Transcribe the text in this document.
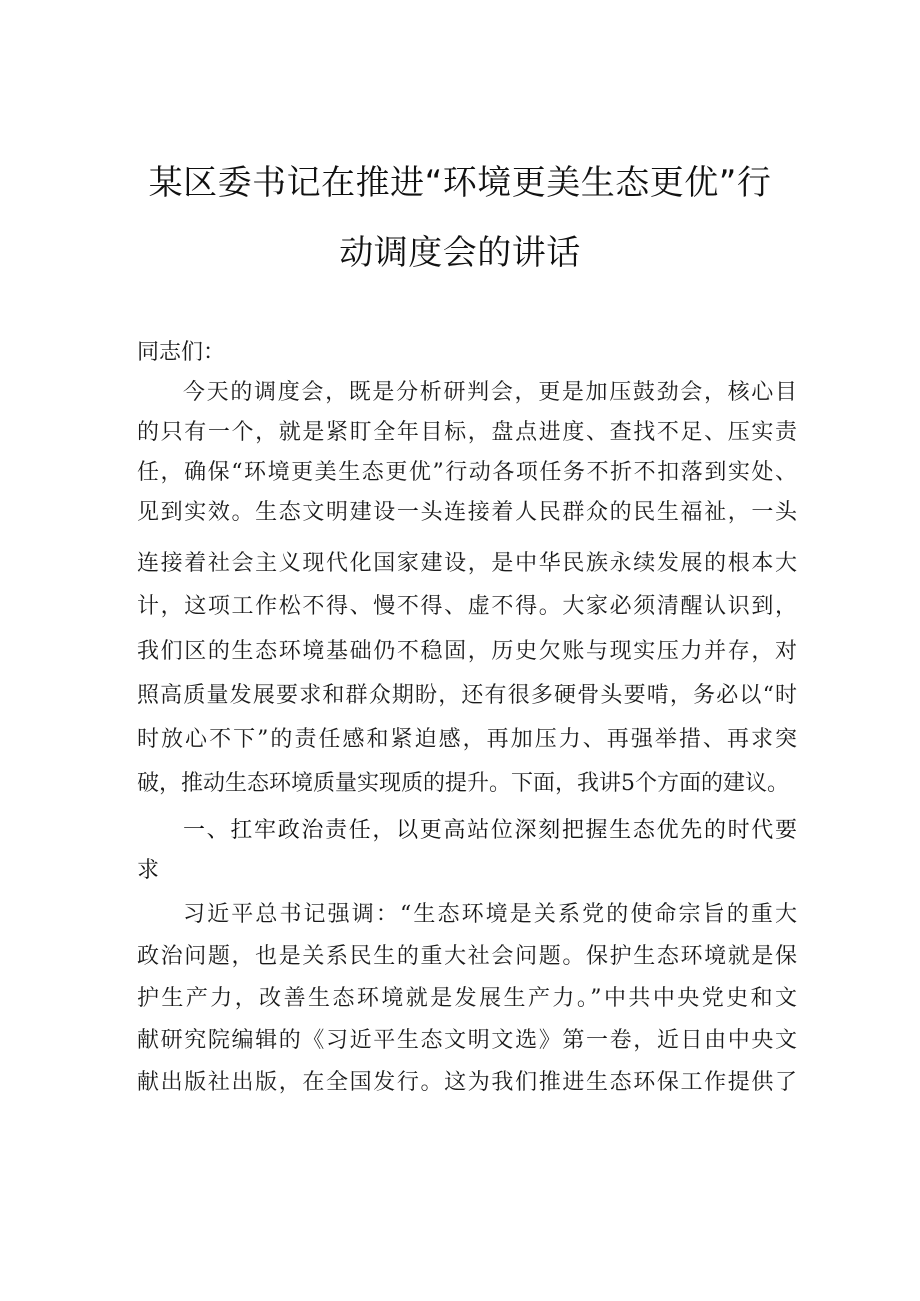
某区委书记在推进“环境更美生态更优”行
动调度会的讲话
同志们：
今天的调度会，既是分析研判会，更是加压鼓劲会，核心目
的只有一个，就是紧盯全年目标，盘点进度、查找不足、压实责
任，确保“环境更美生态更优”行动各项任务不折不扣落到实处、
见到实效。生态文明建设一头连接着人民群众的民生福祉，一头
连接着社会主义现代化国家建设，是中华民族永续发展的根本大
计，这项工作松不得、慢不得、虚不得。大家必须清醒认识到，
我们区的生态环境基础仍不稳固，历史欠账与现实压力并存，对
照高质量发展要求和群众期盼，还有很多硬骨头要啃，务必以“时
时放心不下”的责任感和紧迫感，再加压力、再强举措、再求突
破，推动生态环境质量实现质的提升。下面，我讲5个方面的建议。
一、扛牢政治责任，以更高站位深刻把握生态优先的时代要
求
习近平总书记强调：“生态环境是关系党的使命宗旨的重大
政治问题，也是关系民生的重大社会问题。保护生态环境就是保
护生产力，改善生态环境就是发展生产力。”中共中央党史和文
献研究院编辑的《习近平生态文明文选》第一卷，近日由中央文
献出版社出版，在全国发行。这为我们推进生态环保工作提供了
